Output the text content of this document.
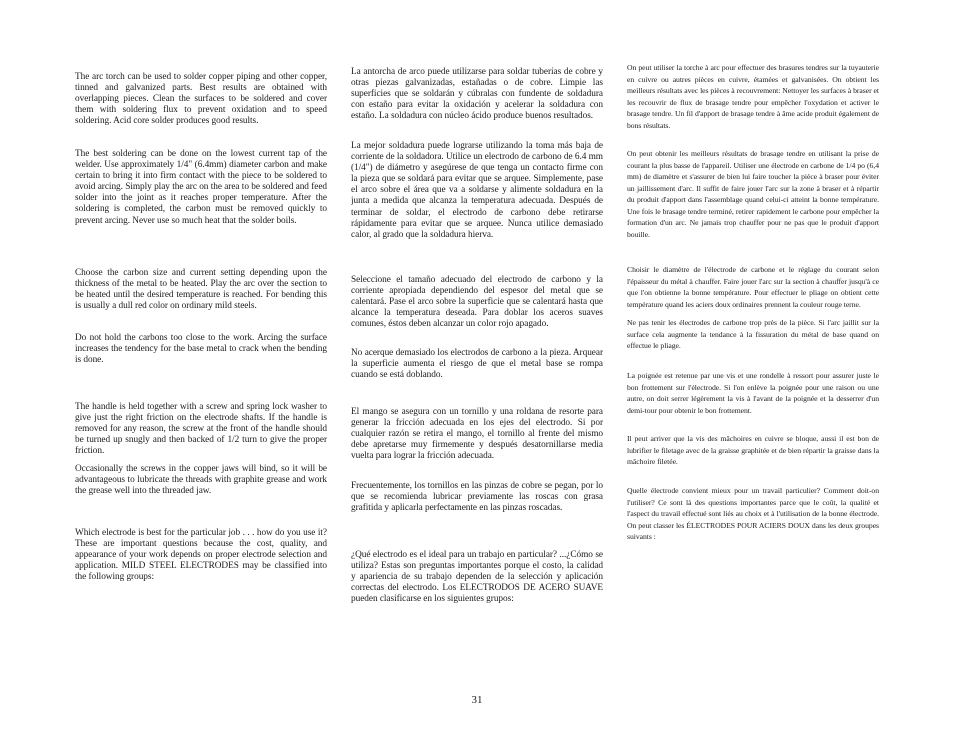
The arc torch can be used to solder copper piping and other copper, tinned and galvanized parts. Best results are obtained with overlapping pieces. Clean the surfaces to be soldered and cover them with soldering flux to prevent oxidation and to speed soldering. Acid core solder produces good results.

The best soldering can be done on the lowest current tap of the welder. Use approximately 1/4" (6.4mm) diameter carbon and make certain to bring it into firm contact with the piece to be soldered to avoid arcing. Simply play the arc on the area to be soldered and feed solder into the joint as it reaches proper temperature. After the soldering is completed, the carbon must be removed quickly to prevent arcing. Never use so much heat that the solder boils.

Choose the carbon size and current setting depending upon the thickness of the metal to be heated. Play the arc over the section to be heated until the desired temperature is reached. For bending this is usually a dull red color on ordinary mild steels.

Do not hold the carbons too close to the work. Arcing the surface increases the tendency for the base metal to crack when the bending is done.

The handle is held together with a screw and spring lock washer to give just the right friction on the electrode shafts. If the handle is removed for any reason, the screw at the front of the handle should be turned up snugly and then backed of 1/2 turn to give the proper friction.

Occasionally the screws in the copper jaws will bind, so it will be advantageous to lubricate the threads with graphite grease and work the grease well into the threaded jaw.

Which electrode is best for the particular job . . . how do you use it? These are important questions because the cost, quality, and appearance of your work depends on proper electrode selection and application. MILD STEEL ELECTRODES may be classified into the following groups:

La antorcha de arco puede utilizarse para soldar tuberías de cobre y otras piezas galvanizadas, estañadas o de cobre. Limpie las superficies que se soldarán y cúbralas con fundente de soldadura con estaño para evitar la oxidación y acelerar la soldadura con estaño. La soldadura con núcleo ácido produce buenos resultados.

La mejor soldadura puede lograrse utilizando la toma más baja de corriente de la soldadora. Utilice un electrodo de carbono de 6.4 mm (1/4") de diámetro y asegúrese de que tenga un contacto firme con la pieza que se soldará para evitar que se arquee. Simplemente, pase el arco sobre el área que va a soldarse y alimente soldadura en la junta a medida que alcanza la temperatura adecuada. Después de terminar de soldar, el electrodo de carbono debe retirarse rápidamente para evitar que se arquee. Nunca utilice demasiado calor, al grado que la soldadura hierva.

Seleccione el tamaño adecuado del electrodo de carbono y la corriente apropiada dependiendo del espesor del metal que se calentará. Pase el arco sobre la superficie que se calentará hasta que alcance la temperatura deseada. Para doblar los aceros suaves comunes, éstos deben alcanzar un color rojo apagado.

No acerque demasiado los electrodos de carbono a la pieza. Arquear la superficie aumenta el riesgo de que el metal base se rompa cuando se está doblando.

El mango se asegura con un tornillo y una roldana de resorte para generar la fricción adecuada en los ejes del electrodo. Si por cualquier razón se retira el mango, el tornillo al frente del mismo debe apretarse muy firmemente y después desatornillarse media vuelta para lograr la fricción adecuada.

Frecuentemente, los tornillos en las pinzas de cobre se pegan, por lo que se recomienda lubricar previamente las roscas con grasa grafitida y aplicarla perfectamente en las pinzas roscadas.

¿Qué electrodo es el ideal para un trabajo en particular? ...¿Cómo se utiliza? Estas son preguntas importantes porque el costo, la calidad y apariencia de su trabajo dependen de la selección y aplicación correctas del electrodo. Los ELECTRODOS DE ACERO SUAVE pueden clasificarse en los siguientes grupos:

On peut utiliser la torche à arc pour effectuer des brasures tendres sur la tuyauterie en cuivre ou autres pièces en cuivre, étamées et galvanisées. On obtient les meilleurs résultats avec les pièces à recouvrement: Nettoyer les surfaces à braser et les recouvrir de flux de brasage tendre pour empêcher l'oxydation et activer le brasage tendre. Un fil d'apport de brasage tendre à âme acide produit également de bons résultats.

On peut obtenir les meilleurs résultats de brasage tendre en utilisant la prise de courant la plus basse de l'appareil. Utiliser une électrode en carbone de 1/4 po (6,4 mm) de diamètre et s'assurer de bien lui faire toucher la pièce à braser pour éviter un jaillissement d'arc. Il suffit de faire jouer l'arc sur la zone à braser et à répartir du produit d'apport dans l'assemblage quand celui-ci atteint la bonne température. Une fois le brasage tendre terminé, retirer rapidement le carbone pour empêcher la formation d'un arc. Ne jamais trop chauffer pour ne pas que le produit d'apport bouille.

Choisir le diamètre de l'électrode de carbone et le réglage du courant selon l'épaisseur du métal à chauffer. Faire jouer l'arc sur la section à chauffer jusqu'à ce que l'on obtienne la bonne température. Pour effectuer le pliage on obtient cette température quand les aciers doux ordinaires prennent la couleur rouge terne.

Ne pas tenir les électrodes de carbone trop près de la pièce. Si l'arc jaillit sur la surface cela augmente la tendance à la fissuration du métal de base quand on effectue le pliage.

La poignée est retenue par une vis et une rondelle à ressort pour assurer juste le bon frottement sur l'électrode. Si l'on enlève la poignée pour une raison ou une autre, on doit serrer légèrement la vis à l'avant de la poignée et la desserrer d'un demi-tour pour obtenir le bon frottement.

Il peut arriver que la vis des mâchoires en cuivre se bloque, aussi il est bon de lubrifier le filetage avec de la graisse graphitée et de bien répartir la graisse dans la mâchoire filetée.

Quelle électrode convient mieux pour un travail particulier? Comment doit-on l'utiliser? Ce sont là des questions importantes parce que le coût, la qualité et l'aspect du travail effectué sont liés au choix et à l'utilisation de la bonne électrode. On peut classer les ÉLECTRODES POUR ACIERS DOUX dans les deux groupes suivants :

31
